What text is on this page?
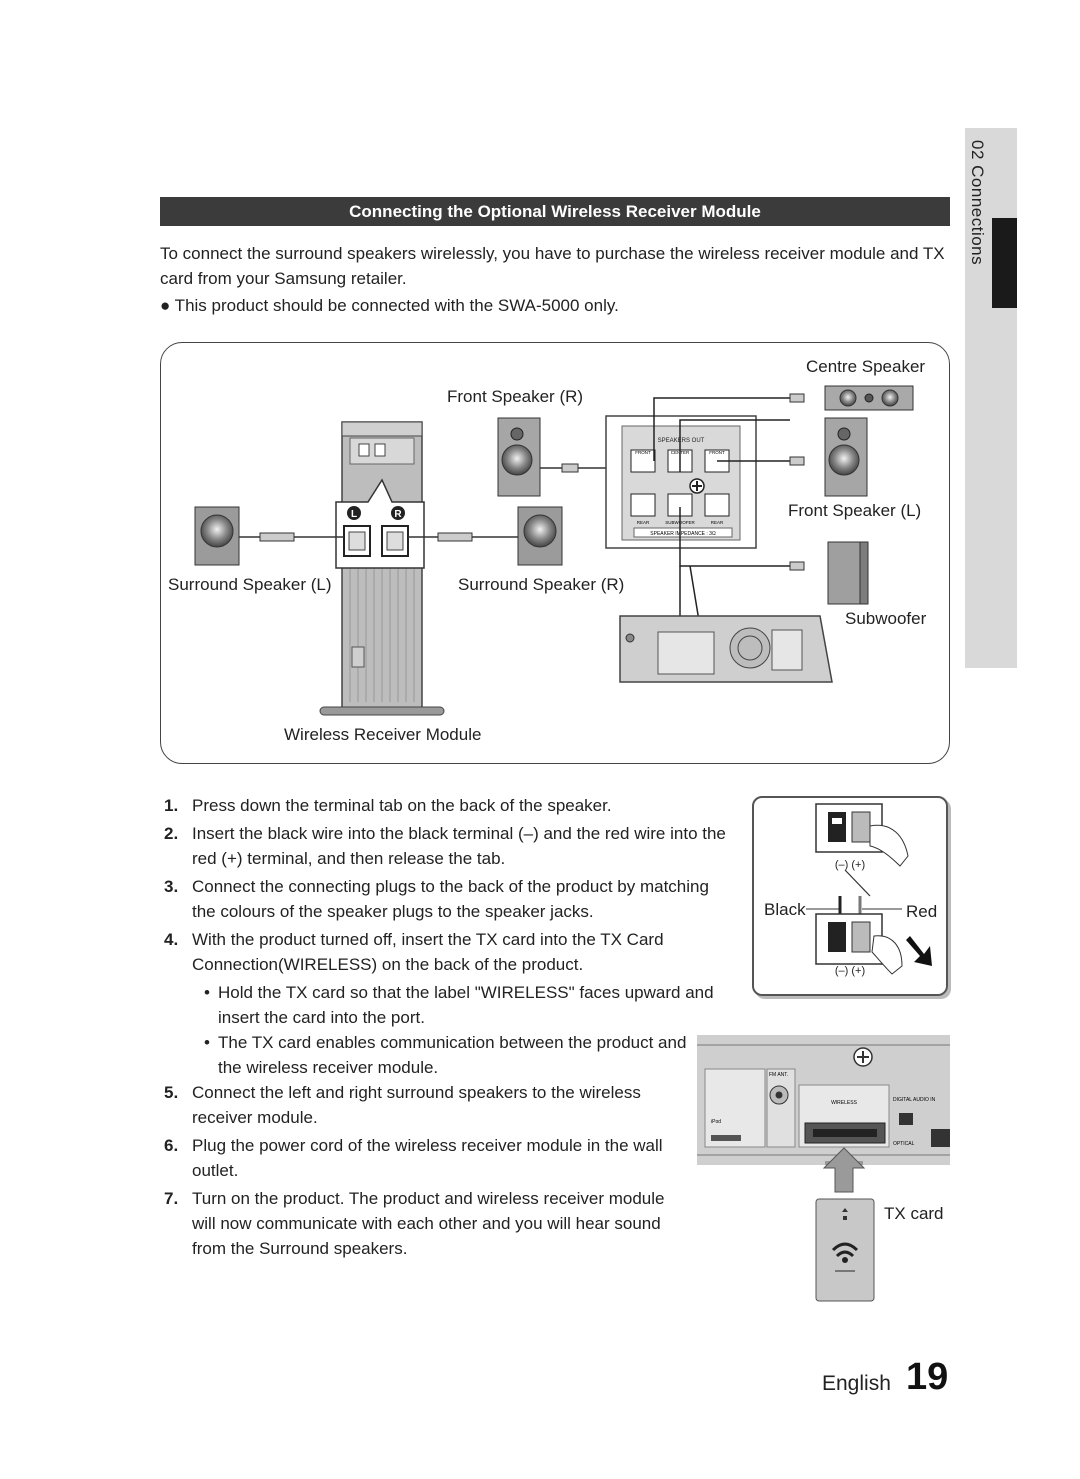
02 Connections
Connecting the Optional Wireless Receiver Module
To connect the surround speakers wirelessly, you have to purchase the wireless receiver module and TX card from your Samsung retailer.
● This product should be connected with the SWA-5000 only.
L	R
SPEAKERS OUT
FRONT	CENTER	FRONT
REAR	SUBWOOFER	REAR
SPEAKER IMPEDANCE : 3Ω
Centre Speaker
Front Speaker (R)
Front Speaker (L)
Surround Speaker (L)	Surround Speaker (R)
Subwoofer
Wireless Receiver Module
1. Press down the terminal tab on the back of the speaker.
2. Insert the black wire into the black terminal (–) and the red wire into the red (+) terminal, and then release the tab.
3. Connect the connecting plugs to the back of the product by matching the colours of the speaker plugs to the speaker jacks.
4. With the product turned off, insert the TX card into the TX Card Connection(WIRELESS) on the back of the product.
• Hold the TX card so that the label "WIRELESS" faces upward and insert the card into the port.
• The TX card enables communication between the product and the wireless receiver module.
5. Connect the left and right surround speakers to the wireless receiver module.
6. Plug the power cord of the wireless receiver module in the wall outlet.
7. Turn on the product. The product and wireless receiver module will now communicate with each other and you will hear sound from the Surround speakers.
(–) (+)
Black	Red
(–) (+)
iPod
FM ANT.
WIRELESS	DIGITAL AUDIO IN
OPTICAL
TX card
English 19
